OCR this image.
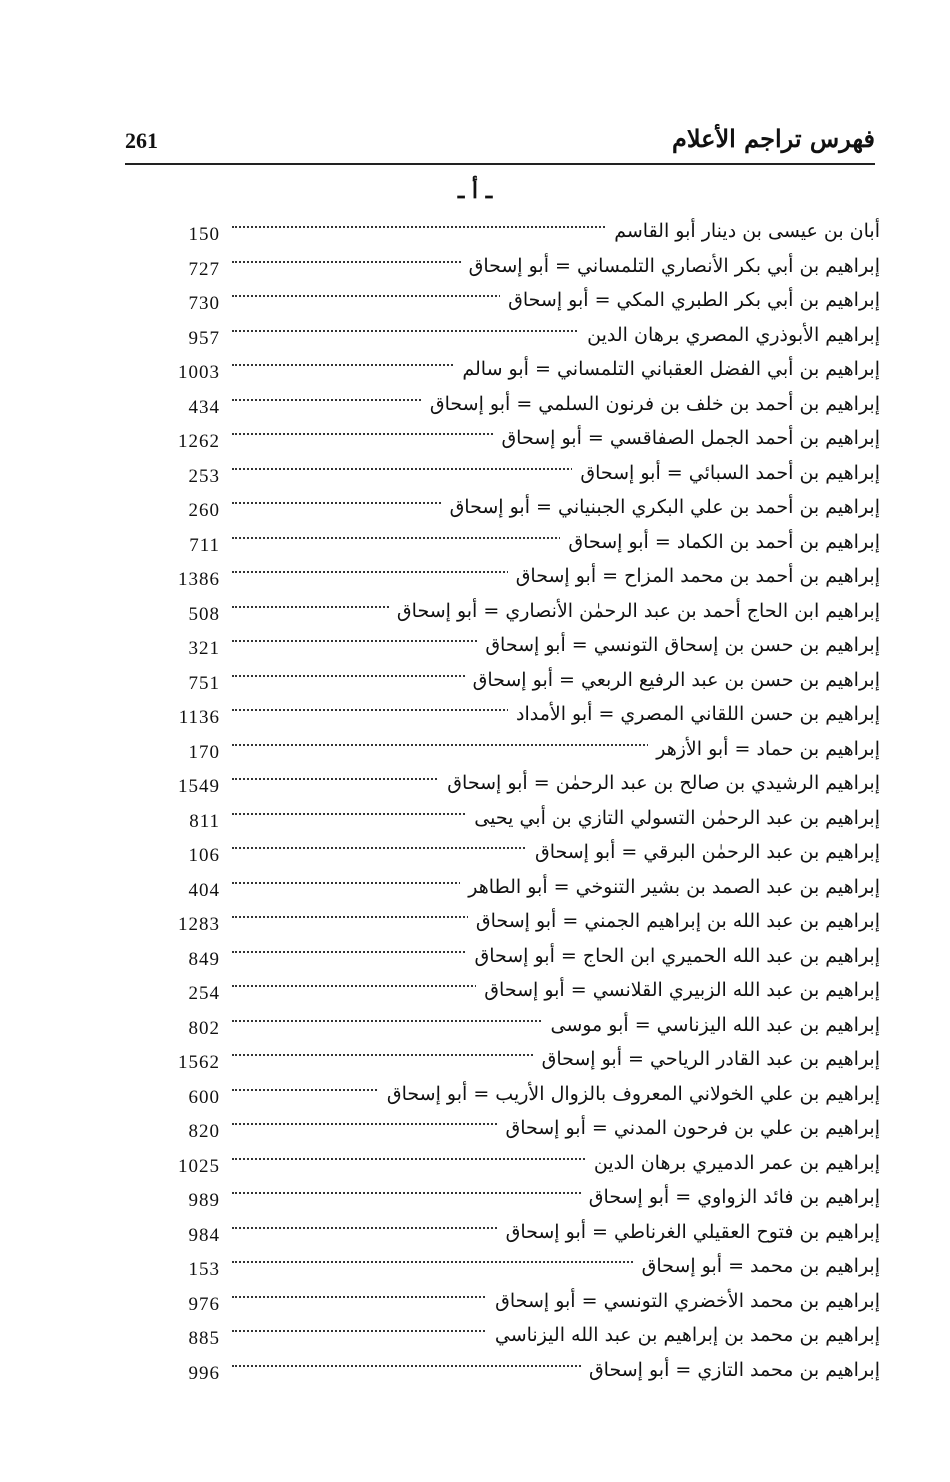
261	فهرس تراجم الأعلام
ـ أ ـ
أبان بن عيسى بن دينار أبو القاسم
150
إبراهيم بن أبي بكر الأنصاري التلمساني = أبو إسحاق
727
إبراهيم بن أبي بكر الطبري المكي = أبو إسحاق
730
إبراهيم الأبوذري المصري برهان الدين
957
إبراهيم بن أبي الفضل العقباني التلمساني = أبو سالم
1003
إبراهيم بن أحمد بن خلف بن فرنون السلمي = أبو إسحاق
434
إبراهيم بن أحمد الجمل الصفاقسي = أبو إسحاق
1262
إبراهيم بن أحمد السبائي = أبو إسحاق
253
إبراهيم بن أحمد بن علي البكري الجبنياني = أبو إسحاق
260
إبراهيم بن أحمد بن الكماد = أبو إسحاق
711
إبراهيم بن أحمد بن محمد المزاح = أبو إسحاق
1386
إبراهيم ابن الحاج أحمد بن عبد الرحمٰن الأنصاري = أبو إسحاق
508
إبراهيم بن حسن بن إسحاق التونسي = أبو إسحاق
321
إبراهيم بن حسن بن عبد الرفيع الربعي = أبو إسحاق
751
إبراهيم بن حسن اللقاني المصري = أبو الأمداد
1136
إبراهيم بن حماد = أبو الأزهر
170
إبراهيم الرشيدي بن صالح بن عبد الرحمٰن = أبو إسحاق
1549
إبراهيم بن عبد الرحمٰن التسولي التازي بن أبي يحيى
811
إبراهيم بن عبد الرحمٰن البرقي = أبو إسحاق
106
إبراهيم بن عبد الصمد بن بشير التنوخي = أبو الطاهر
404
إبراهيم بن عبد الله بن إبراهيم الجمني = أبو إسحاق
1283
إبراهيم بن عبد الله الحميري ابن الحاج = أبو إسحاق
849
إبراهيم بن عبد الله الزبيري القلانسي = أبو إسحاق
254
إبراهيم بن عبد الله اليزناسي = أبو موسى
802
إبراهيم بن عبد القادر الرياحي = أبو إسحاق
1562
إبراهيم بن علي الخولاني المعروف بالزوال الأريب = أبو إسحاق
600
إبراهيم بن علي بن فرحون المدني = أبو إسحاق
820
إبراهيم بن عمر الدميري برهان الدين
1025
إبراهيم بن فائد الزواوي = أبو إسحاق
989
إبراهيم بن فتوح العقيلي الغرناطي = أبو إسحاق
984
إبراهيم بن محمد = أبو إسحاق
153
إبراهيم بن محمد الأخضري التونسي = أبو إسحاق
976
إبراهيم بن محمد بن إبراهيم بن عبد الله اليزناسي
885
إبراهيم بن محمد التازي = أبو إسحاق
996
